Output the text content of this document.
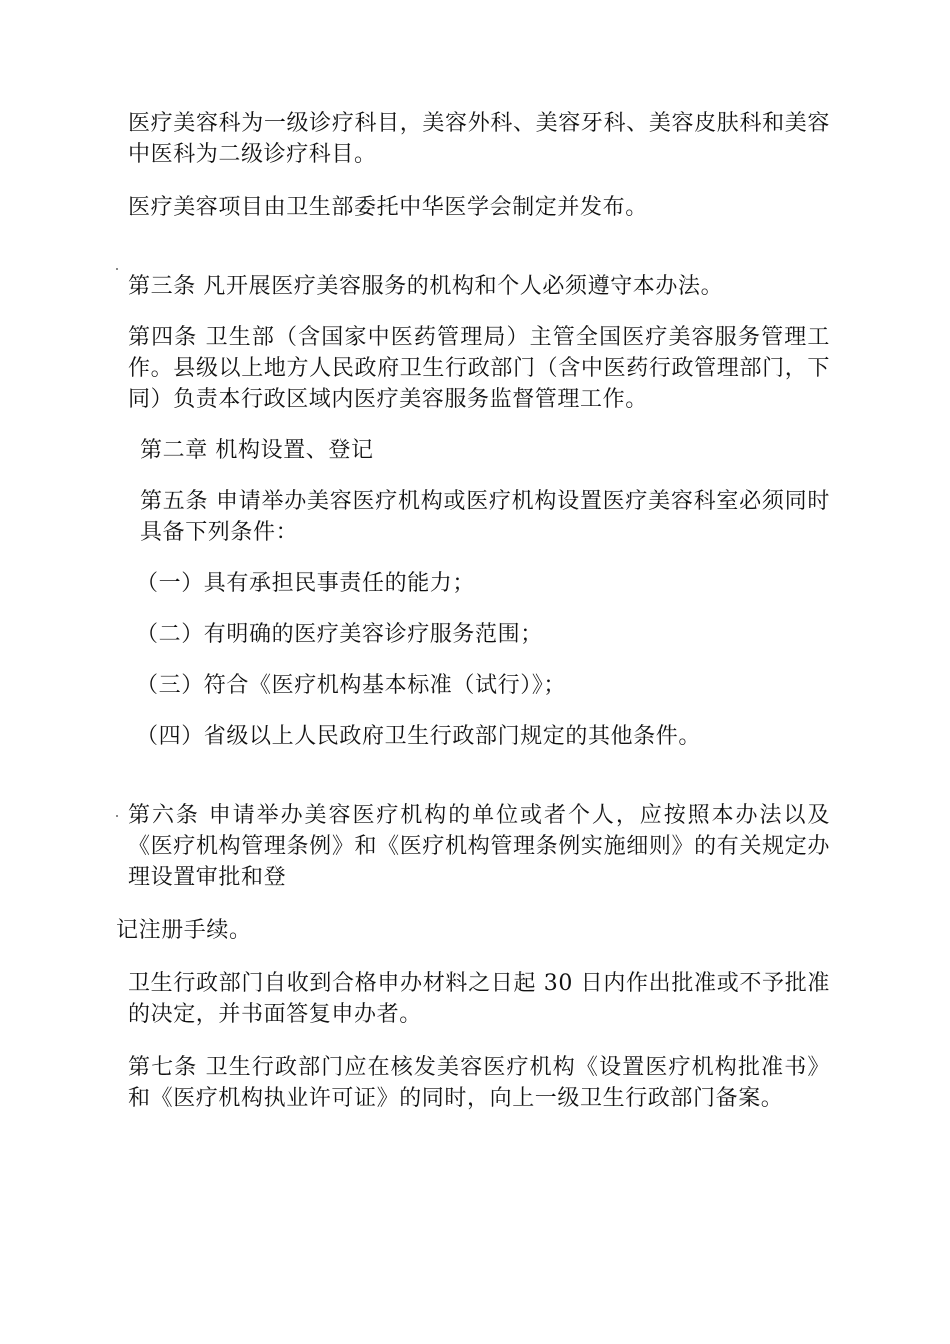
医疗美容科为一级诊疗科目，美容外科、美容牙科、美容皮肤科和美容中医科为二级诊疗科目。

医疗美容项目由卫生部委托中华医学会制定并发布。

第三条 凡开展医疗美容服务的机构和个人必须遵守本办法。

第四条 卫生部（含国家中医药管理局）主管全国医疗美容服务管理工作。县级以上地方人民政府卫生行政部门（含中医药行政管理部门，下同）负责本行政区域内医疗美容服务监督管理工作。

第二章 机构设置、登记

第五条 申请举办美容医疗机构或医疗机构设置医疗美容科室必须同时具备下列条件：

（一）具有承担民事责任的能力；

（二）有明确的医疗美容诊疗服务范围；

（三）符合《医疗机构基本标准（试行）》；

（四）省级以上人民政府卫生行政部门规定的其他条件。

第六条 申请举办美容医疗机构的单位或者个人，应按照本办法以及《医疗机构管理条例》和《医疗机构管理条例实施细则》的有关规定办理设置审批和登

记注册手续。

卫生行政部门自收到合格申办材料之日起 30 日内作出批准或不予批准的决定，并书面答复申办者。

第七条 卫生行政部门应在核发美容医疗机构《设置医疗机构批准书》和《医疗机构执业许可证》的同时，向上一级卫生行政部门备案。
